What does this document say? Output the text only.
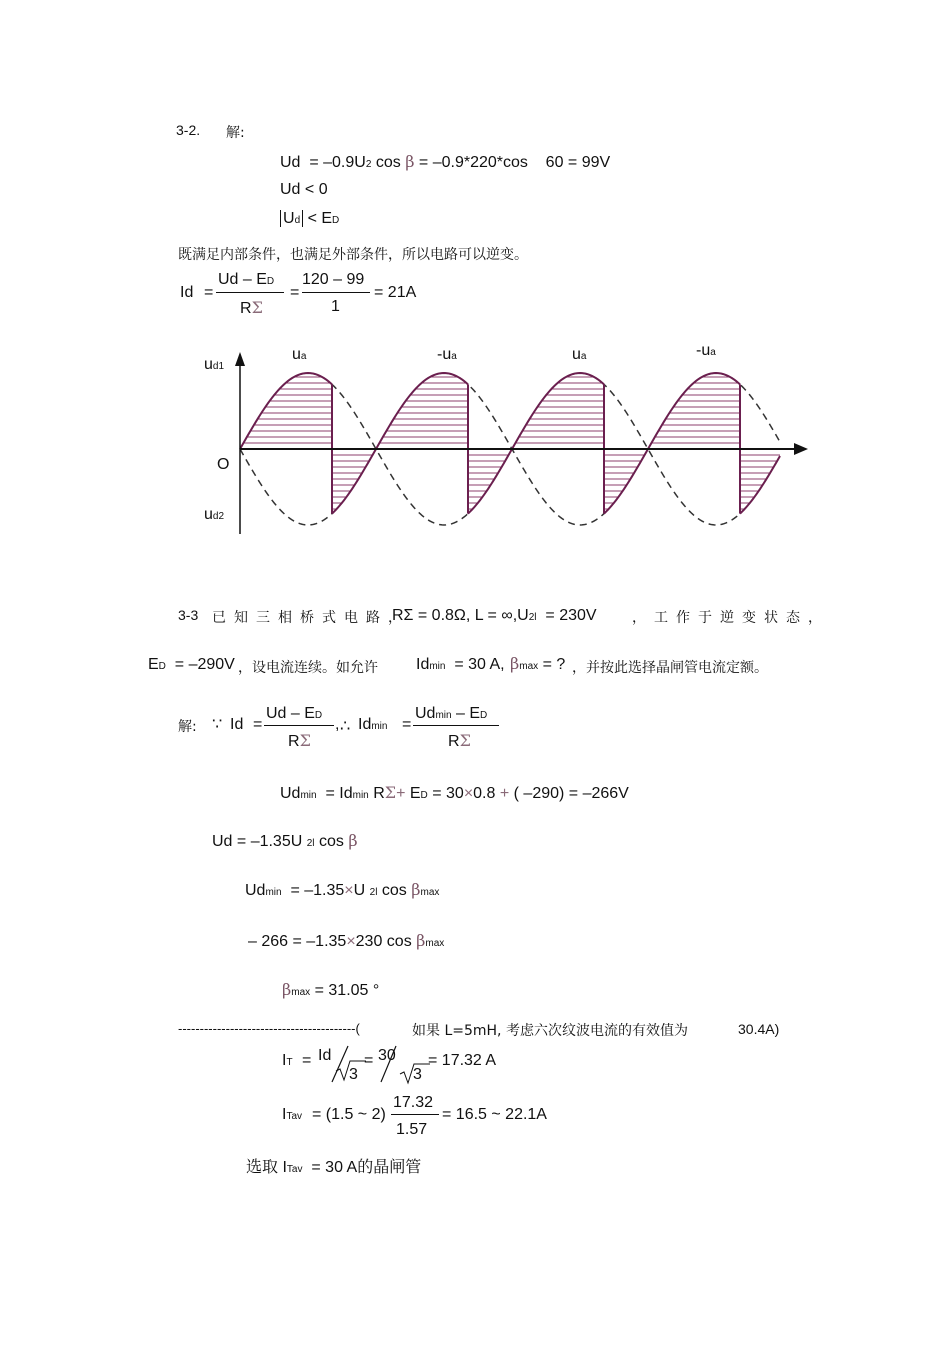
3-2. 解:
Ud = –0.9U2 cos β = –0.9*220*cos 60 = 99V
Ud < 0
Ud < ED
既满足内部条件，也满足外部条件，所以电路可以逆变。
Id =
Ud – ED
RΣ
=
120 – 99
1
= 21A
ud1
ud2
O
ua	-ua	ua	-ua
3-3 已知三相桥式电路，
RΣ = 0.8Ω, L = ∞,U2l = 230V	，工作于逆变状态，
ED = –290V ，设电流连续。如允许 Idmin = 30 A, βmax = ? ，并按此选择晶闸管电流定额。
解: ∵ Id =
Ud – ED
RΣ
, ∴ Idmin =
Udmin – ED
RΣ
Udmin = Idmin RΣ+ ED = 30×0.8 + ( –290) = –266V
Ud = –1.35U 2l cos β
Udmin = –1.35×U 2l cos βmax
– 266 = –1.35×230 cos βmax
βmax = 31.05 °
-----------------------------------------(	如果 L=5mH, 考虑六次纹波电流的有效值为	30.4A)
IT = Id
3
= 30
3
= 17.32 A
ITav = (1.5 ~ 2)
17.32
1.57
= 16.5 ~ 22.1A
选取 ITav = 30 A的晶闸管
